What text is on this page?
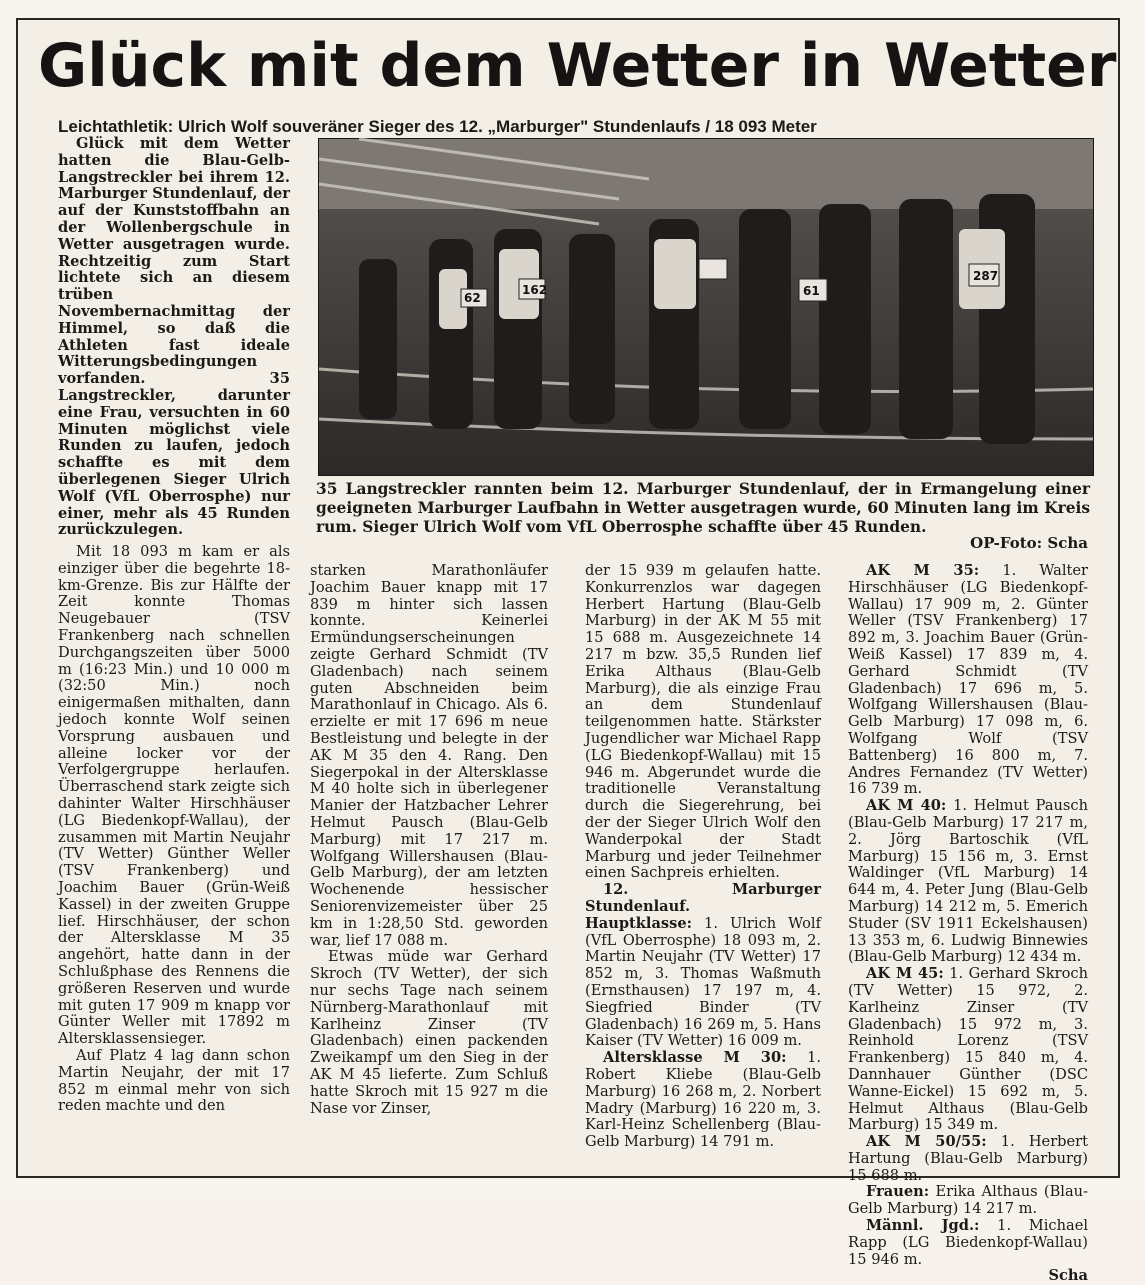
Glück mit dem Wetter in Wetter
Leichtathletik: Ulrich Wolf souveräner Sieger des 12. „Marburger" Stundenlaufs / 18 093 Meter

Glück mit dem Wetter hatten die Blau-Gelb-Langstreckler bei ihrem 12. Marburger Stundenlauf, der auf der Kunststoffbahn an der Wollenbergschule in Wetter ausgetragen wurde. Rechtzeitig zum Start lichtete sich an diesem trüben Novembernachmittag der Himmel, so daß die Athleten fast ideale Witterungsbedingungen vorfanden. 35 Langstreckler, darunter eine Frau, versuchten in 60 Minuten möglichst viele Runden zu laufen, jedoch schaffte es mit dem überlegenen Sieger Ulrich Wolf (VfL Oberrosphe) nur einer, mehr als 45 Runden zurückzulegen.

62
162	61
287
35 Langstreckler rannten beim 12. Marburger Stundenlauf, der in Ermangelung einer geeigneten Marburger Laufbahn in Wetter ausgetragen wurde, 60 Minuten lang im Kreis rum. Sieger Ulrich Wolf vom VfL Oberrosphe schaffte über 45 Runden.
OP-Foto: Scha

Mit 18 093 m kam er als einziger über die begehrte 18-km-Grenze. Bis zur Hälfte der Zeit konnte Thomas Neugebauer (TSV Frankenberg nach schnellen Durchgangszeiten über 5000 m (16:23 Min.) und 10 000 m (32:50 Min.) noch einigermaßen mithalten, dann jedoch konnte Wolf seinen Vorsprung ausbauen und alleine locker vor der Verfolgergruppe herlaufen. Überraschend stark zeigte sich dahinter Walter Hirschhäuser (LG Biedenkopf-Wallau), der zusammen mit Martin Neujahr (TV Wetter) Günther Weller (TSV Frankenberg) und Joachim Bauer (Grün-Weiß Kassel) in der zweiten Gruppe lief. Hirschhäuser, der schon der Altersklasse M 35 angehört, hatte dann in der Schlußphase des Rennens die größeren Reserven und wurde mit guten 17 909 m knapp vor Günter Weller mit 17892 m Altersklassensieger.

Auf Platz 4 lag dann schon Martin Neujahr, der mit 17 852 m einmal mehr von sich reden machte und den

starken Marathonläufer Joachim Bauer knapp mit 17 839 m hinter sich lassen konnte. Keinerlei Ermündungserscheinungen zeigte Gerhard Schmidt (TV Gladenbach) nach seinem guten Abschneiden beim Marathonlauf in Chicago. Als 6. erzielte er mit 17 696 m neue Bestleistung und belegte in der AK M 35 den 4. Rang. Den Siegerpokal in der Altersklasse M 40 holte sich in überlegener Manier der Hatzbacher Lehrer Helmut Pausch (Blau-Gelb Marburg) mit 17 217 m. Wolfgang Willershausen (Blau-Gelb Marburg), der am letzten Wochenende hessischer Seniorenvizemeister über 25 km in 1:28,50 Std. geworden war, lief 17 088 m.

Etwas müde war Gerhard Skroch (TV Wetter), der sich nur sechs Tage nach seinem Nürnberg-Marathonlauf mit Karlheinz Zinser (TV Gladenbach) einen packenden Zweikampf um den Sieg in der AK M 45 lieferte. Zum Schluß hatte Skroch mit 15 927 m die Nase vor Zinser,

der 15 939 m gelaufen hatte. Konkurrenzlos war dagegen Herbert Hartung (Blau-Gelb Marburg) in der AK M 55 mit 15 688 m. Ausgezeichnete 14 217 m bzw. 35,5 Runden lief Erika Althaus (Blau-Gelb Marburg), die als einzige Frau an dem Stundenlauf teilgenommen hatte. Stärkster Jugendlicher war Michael Rapp (LG Biedenkopf-Wallau) mit 15 946 m. Abgerundet wurde die traditionelle Veranstaltung durch die Siegerehrung, bei der der Sieger Ulrich Wolf den Wanderpokal der Stadt Marburg und jeder Teilnehmer einen Sachpreis erhielten.

12. Marburger Stundenlauf.

Hauptklasse: 1. Ulrich Wolf (VfL Oberrosphe) 18 093 m, 2. Martin Neujahr (TV Wetter) 17 852 m, 3. Thomas Waßmuth (Ernsthausen) 17 197 m, 4. Siegfried Binder (TV Gladenbach) 16 269 m, 5. Hans Kaiser (TV Wetter) 16 009 m.

Altersklasse M 30: 1. Robert Kliebe (Blau-Gelb Marburg) 16 268 m, 2. Norbert Madry (Marburg) 16 220 m, 3. Karl-Heinz Schellenberg (Blau-Gelb Marburg) 14 791 m.

AK M 35: 1. Walter Hirschhäuser (LG Biedenkopf-Wallau) 17 909 m, 2. Günter Weller (TSV Frankenberg) 17 892 m, 3. Joachim Bauer (Grün-Weiß Kassel) 17 839 m, 4. Gerhard Schmidt (TV Gladenbach) 17 696 m, 5. Wolfgang Willershausen (Blau-Gelb Marburg) 17 098 m, 6. Wolfgang Wolf (TSV Battenberg) 16 800 m, 7. Andres Fernandez (TV Wetter) 16 739 m.

AK M 40: 1. Helmut Pausch (Blau-Gelb Marburg) 17 217 m, 2. Jörg Bartoschik (VfL Marburg) 15 156 m, 3. Ernst Waldinger (VfL Marburg) 14 644 m, 4. Peter Jung (Blau-Gelb Marburg) 14 212 m, 5. Emerich Studer (SV 1911 Eckelshausen) 13 353 m, 6. Ludwig Binnewies (Blau-Gelb Marburg) 12 434 m.

AK M 45: 1. Gerhard Skroch (TV Wetter) 15 972, 2. Karlheinz Zinser (TV Gladenbach) 15 972 m, 3. Reinhold Lorenz (TSV Frankenberg) 15 840 m, 4. Dannhauer Günther (DSC Wanne-Eickel) 15 692 m, 5. Helmut Althaus (Blau-Gelb Marburg) 15 349 m.

AK M 50/55: 1. Herbert Hartung (Blau-Gelb Marburg) 15 688 m.

Frauen: Erika Althaus (Blau-Gelb Marburg) 14 217 m.

Männl. Jgd.: 1. Michael Rapp (LG Biedenkopf-Wallau) 15 946 m.

Scha
